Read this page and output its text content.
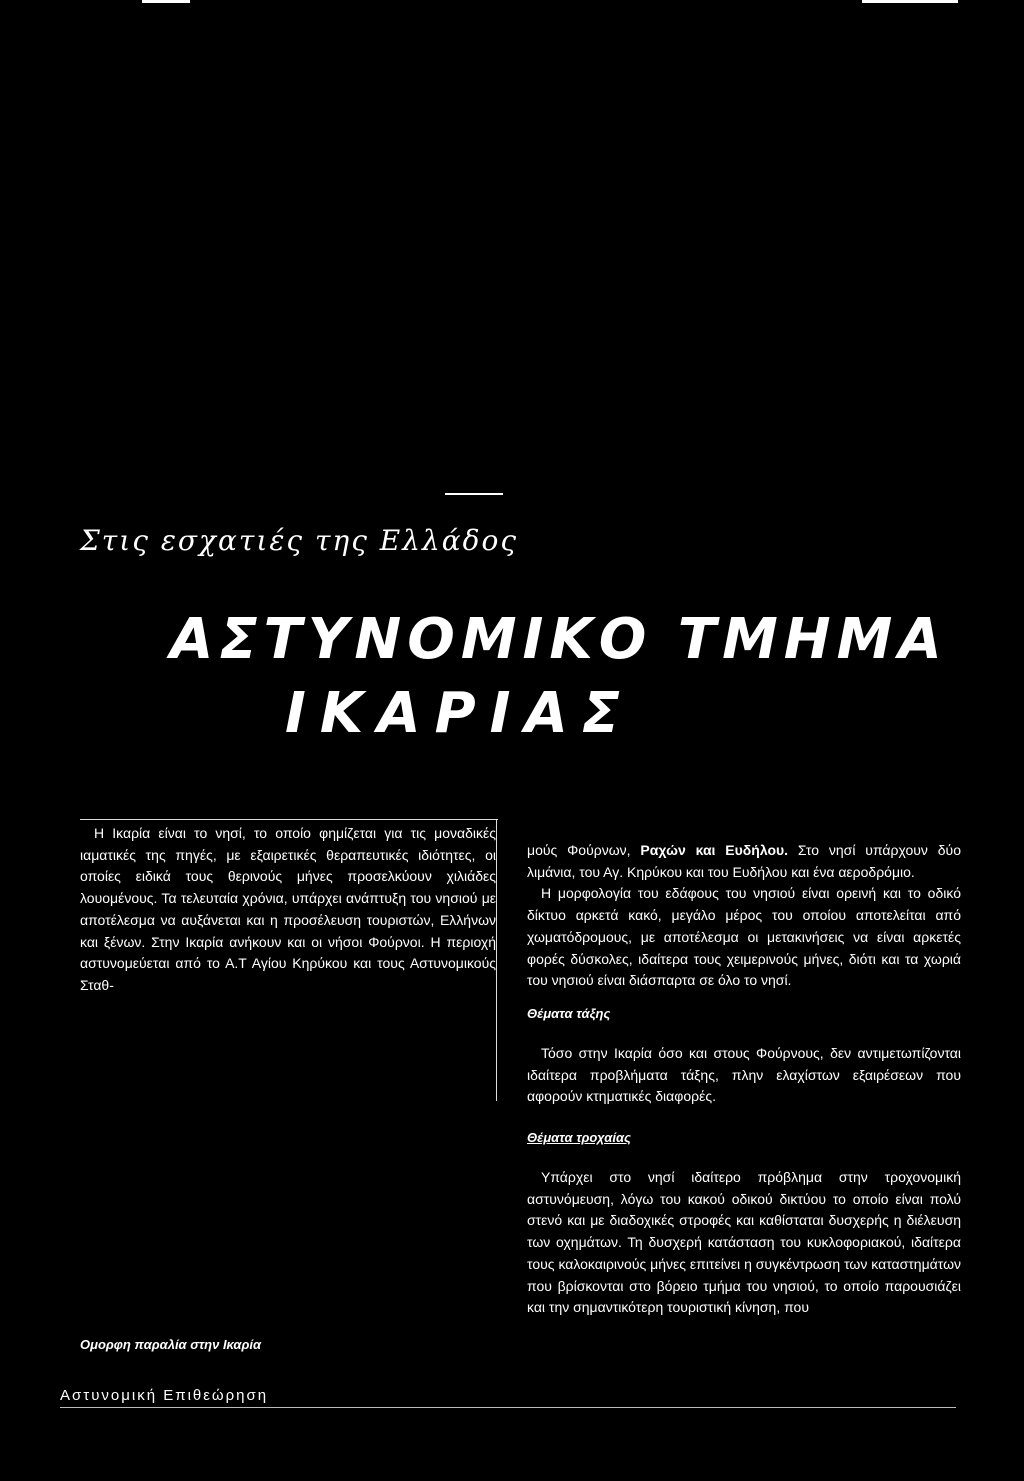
Στις εσχατιές της Ελλάδος
ΑΣΤΥΝΟΜΙΚΟ ΤΜΗΜΑ
ΙΚΑΡΙΑΣ
Η Ικαρία είναι το νησί, το οποίο φημίζεται για τις μοναδικές ιαματικές της πηγές, με εξαιρετικές θεραπευτικές ιδιότητες, οι οποίες ειδικά τους θερινούς μήνες προσελκύουν χιλιάδες λουομένους. Τα τελευταία χρόνια, υπάρχει ανάπτυξη του νησιού με αποτέλεσμα να αυξάνεται και η προσέλευση τουριστών, Ελλήνων και ξένων. Στην Ικαρία ανήκουν και οι νήσοι Φούρνοι. Η περιοχή αστυνομεύεται από το Α.Τ Αγίου Κηρύκου και τους Αστυνομικούς Σταθ-
μούς Φούρνων, Ραχών και Ευδήλου. Στο νησί υπάρχουν δύο λιμάνια, του Αγ. Κηρύκου και του Ευδήλου και ένα αεροδρόμιο.
Η μορφολογία του εδάφους του νησιού είναι ορεινή και το οδικό δίκτυο αρκετά κακό, μεγάλο μέρος του οποίου αποτελείται από χωματόδρομους, με αποτέλεσμα οι μετακινήσεις να είναι αρκετές φορές δύσκολες, ιδαίτερα τους χειμερινούς μήνες, διότι και τα χωριά του νησιού είναι διάσπαρτα σε όλο το νησί.
Θέματα τάξης
Τόσο στην Ικαρία όσο και στους Φούρνους, δεν αντιμετωπίζονται ιδαίτερα προβλήματα τάξης, πλην ελαχίστων εξαιρέσεων που αφορούν κτηματικές διαφορές.
Θέματα τροχαίας
Υπάρχει στο νησί ιδαίτερο πρόβλημα στην τροχονομική αστυνόμευση, λόγω του κακού οδικού δικτύου το οποίο είναι πολύ στενό και με διαδοχικές στροφές και καθίσταται δυσχερής η διέλευση των οχημάτων. Τη δυσχερή κατάσταση του κυκλοφοριακού, ιδαίτερα τους καλοκαιρινούς μήνες επιτείνει η συγκέντρωση των καταστημάτων που βρίσκονται στο βόρειο τμήμα του νησιού, το οποίο παρουσιάζει και την σημαντικότερη τουριστική κίνηση, που
Ομορφη παραλία στην Ικαρία
Αστυνομική Επιθεώρηση
